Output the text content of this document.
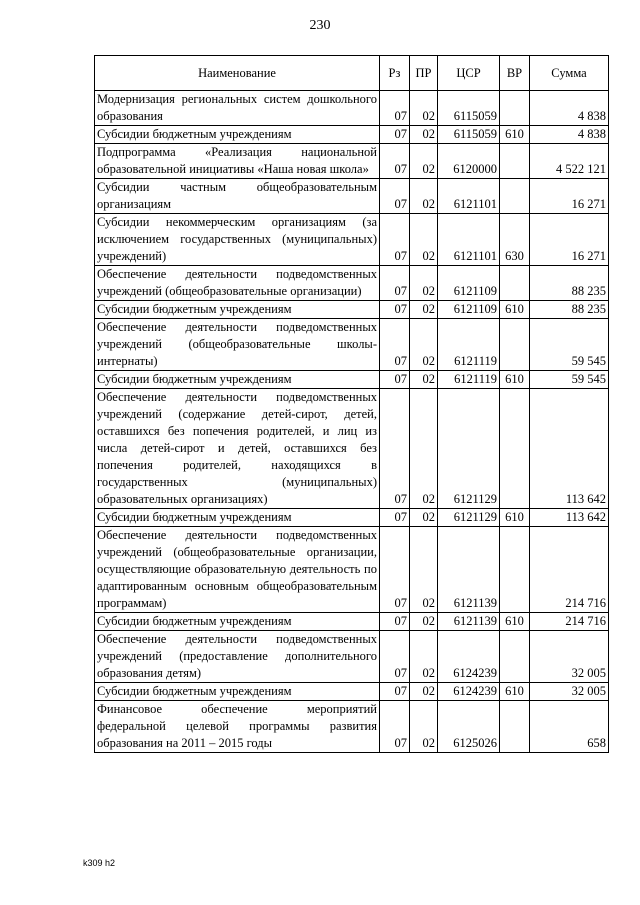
230
Наименование	Рз	ПР	ЦСР	ВР	Сумма
Модернизация региональных систем дошкольного образования	07	02	6115059		4 838
Субсидии бюджетным учреждениям	07	02	6115059	610	4 838
Подпрограмма «Реализация национальной образовательной инициативы «Наша новая школа»	07	02	6120000		4 522 121
Субсидии частным общеобразовательным организациям	07	02	6121101		16 271
Субсидии некоммерческим организациям (за исключением государственных (муниципальных) учреждений)	07	02	6121101	630	16 271
Обеспечение деятельности подведомственных учреждений (общеобразовательные организации)	07	02	6121109		88 235
Субсидии бюджетным учреждениям	07	02	6121109	610	88 235
Обеспечение деятельности подведомственных учреждений (общеобразовательные школы-интернаты)	07	02	6121119		59 545
Субсидии бюджетным учреждениям	07	02	6121119	610	59 545
Обеспечение деятельности подведомственных учреждений (содержание детей-сирот, детей, оставшихся без попечения родителей, и лиц из числа детей-сирот и детей, оставшихся без попечения родителей, находящихся в государственных (муниципальных) образовательных организациях)	07	02	6121129		113 642
Субсидии бюджетным учреждениям	07	02	6121129	610	113 642
Обеспечение деятельности подведомственных учреждений (общеобразовательные организации, осуществляющие образовательную деятельность по адаптированным основным общеобразовательным программам)	07	02	6121139		214 716
Субсидии бюджетным учреждениям	07	02	6121139	610	214 716
Обеспечение деятельности подведомственных учреждений (предоставление дополнительного образования детям)	07	02	6124239		32 005
Субсидии бюджетным учреждениям	07	02	6124239	610	32 005
Финансовое обеспечение мероприятий федеральной целевой программы развития образования на 2011 – 2015 годы	07	02	6125026		658
k309 h2
